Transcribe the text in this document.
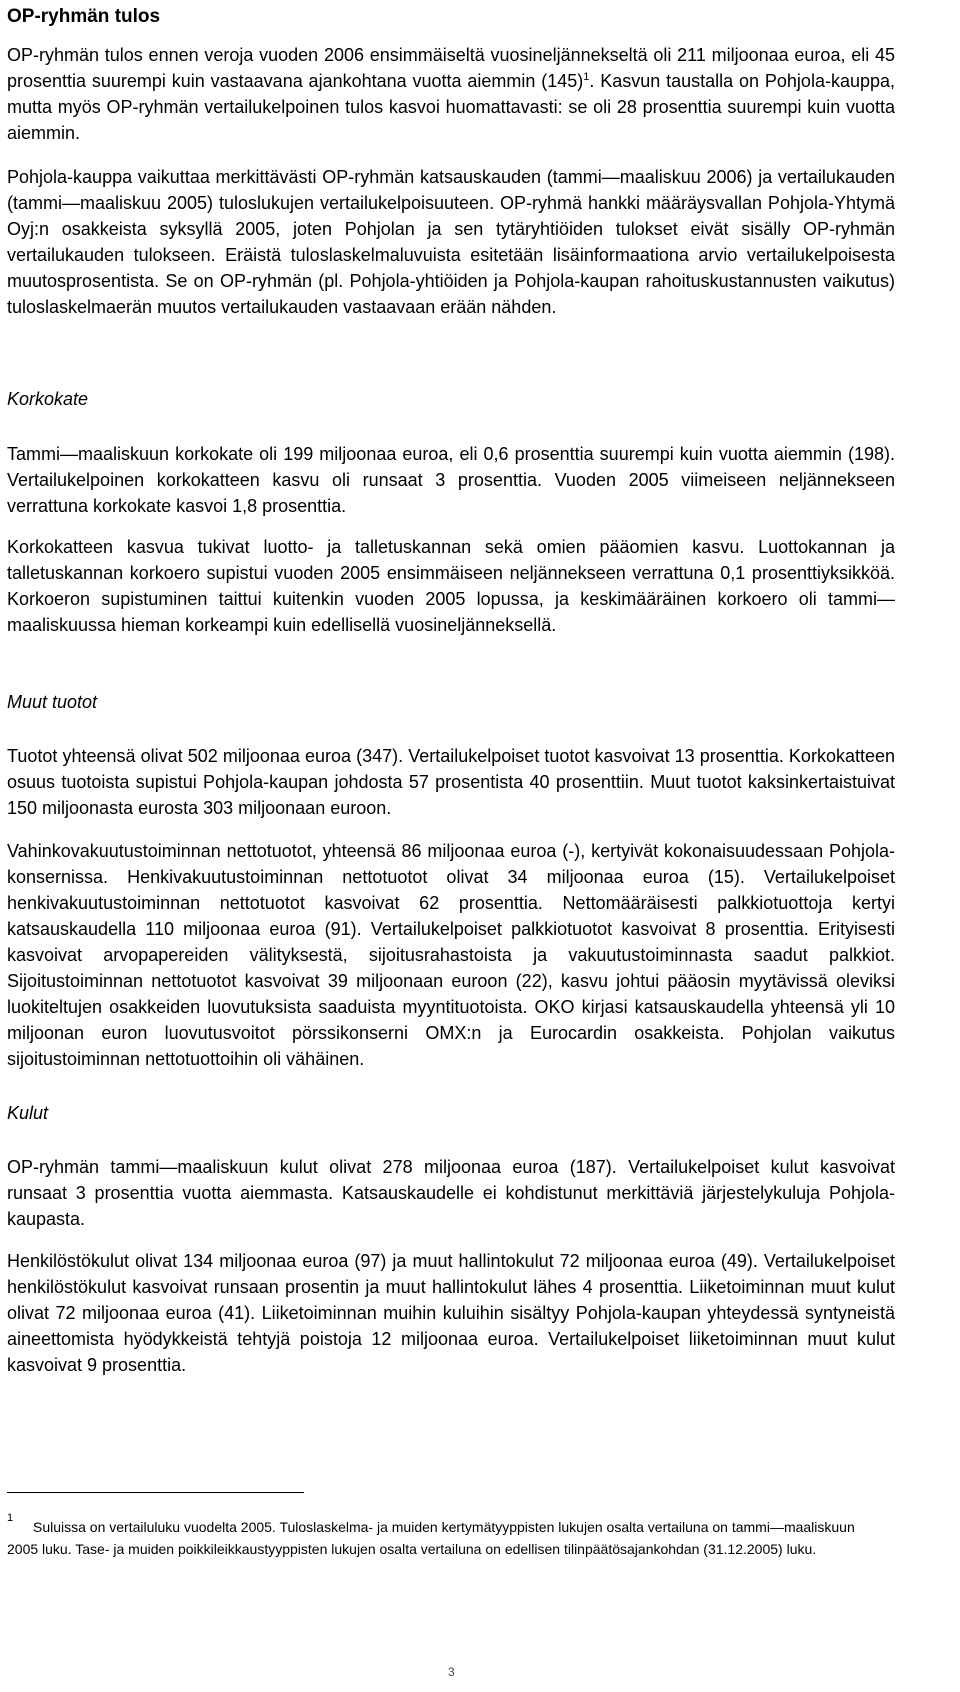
OP-ryhmän tulos
OP-ryhmän tulos ennen veroja vuoden 2006 ensimmäiseltä vuosineljännekseltä oli 211 miljoonaa euroa, eli 45 prosenttia suurempi kuin vastaavana ajankohtana vuotta aiemmin $(145)^1$. Kasvun taustalla on Pohjola-kauppa, mutta myös OP-ryhmän vertailukelpoinen tulos kasvoi huomattavasti: se oli 28 prosenttia suurempi kuin vuotta aiemmin.
Pohjola-kauppa vaikuttaa merkittävästi OP-ryhmän katsauskauden (tammi—maaliskuu 2006) ja vertailukauden (tammi—maaliskuu 2005) tuloslukujen vertailukelpoisuuteen. OP-ryhmä hankki määräysvallan Pohjola-Yhtymä Oyj:n osakkeista syksyllä 2005, joten Pohjolan ja sen tytäryhtiöiden tulokset eivät sisälly OP-ryhmän vertailukauden tulokseen. Eräistä tuloslaskelmaluvuista esitetään lisäinformaationa arvio vertailukelpoisesta muutosprosentista. Se on OP-ryhmän (pl. Pohjola-yhtiöiden ja Pohjola-kaupan rahoituskustannusten vaikutus) tuloslaskelmaerän muutos vertailukauden vastaavaan erään nähden.
Korkokate
Tammi—maaliskuun korkokate oli 199 miljoonaa euroa, eli 0,6 prosenttia suurempi kuin vuotta aiemmin (198). Vertailukelpoinen korkokatteen kasvu oli runsaat 3 prosenttia. Vuoden 2005 viimeiseen neljännekseen verrattuna korkokate kasvoi 1,8 prosenttia.
Korkokatteen kasvua tukivat luotto- ja talletuskannan sekä omien pääomien kasvu. Luottokannan ja talletuskannan korkoero supistui vuoden 2005 ensimmäiseen neljännekseen verrattuna 0,1 prosenttiyksikköä. Korkoeron supistuminen taittui kuitenkin vuoden 2005 lopussa, ja keskimääräinen korkoero oli tammi—maaliskuussa hieman korkeampi kuin edellisellä vuosineljänneksellä.
Muut tuotot
Tuotot yhteensä olivat 502 miljoonaa euroa (347). Vertailukelpoiset tuotot kasvoivat 13 prosenttia. Korkokatteen osuus tuotoista supistui Pohjola-kaupan johdosta 57 prosentista 40 prosenttiin. Muut tuotot kaksinkertaistuivat 150 miljoonasta eurosta 303 miljoonaan euroon.
Vahinkovakuutustoiminnan nettotuotot, yhteensä 86 miljoonaa euroa (-), kertyivät kokonaisuudessaan Pohjola-konsernissa. Henkivakuutustoiminnan nettotuotot olivat 34 miljoonaa euroa (15). Vertailukelpoiset henkivakuutustoiminnan nettotuotot kasvoivat 62 prosenttia. Nettomääräisesti palkkiotuottoja kertyi katsauskaudella 110 miljoonaa euroa (91). Vertailukelpoiset palkkiotuotot kasvoivat 8 prosenttia. Erityisesti kasvoivat arvopapereiden välityksestä, sijoitusrahastoista ja vakuutustoiminnasta saadut palkkiot. Sijoitustoiminnan nettotuotot kasvoivat 39 miljoonaan euroon (22), kasvu johtui pääosin myytävissä oleviksi luokiteltujen osakkeiden luovutuksista saaduista myyntituotoista. OKO kirjasi katsauskaudella yhteensä yli 10 miljoonan euron luovutusvoitot pörssikonserni OMX:n ja Eurocardin osakkeista. Pohjolan vaikutus sijoitustoiminnan nettotuottoihin oli vähäinen.
Kulut
OP-ryhmän tammi—maaliskuun kulut olivat 278 miljoonaa euroa (187). Vertailukelpoiset kulut kasvoivat runsaat 3 prosenttia vuotta aiemmasta. Katsauskaudelle ei kohdistunut merkittäviä järjestelykuluja Pohjola-kaupasta.
Henkilöstökulut olivat 134 miljoonaa euroa (97) ja muut hallintokulut 72 miljoonaa euroa (49). Vertailukelpoiset henkilöstökulut kasvoivat runsaan prosentin ja muut hallintokulut lähes 4 prosenttia. Liiketoiminnan muut kulut olivat 72 miljoonaa euroa (41). Liiketoiminnan muihin kuluihin sisältyy Pohjola-kaupan yhteydessä syntyneistä aineettomista hyödykkeistä tehtyjä poistoja 12 miljoonaa euroa. Vertailukelpoiset liiketoiminnan muut kulut kasvoivat 9 prosenttia.
1
Suluissa on vertailuluku vuodelta 2005. Tuloslaskelma- ja muiden kertymätyyppisten lukujen osalta vertailuna on tammi—maaliskuun 2005 luku. Tase- ja muiden poikkileikkaustyyppisten lukujen osalta vertailuna on edellisen tilinpäätösajankohdan (31.12.2005) luku.
3
